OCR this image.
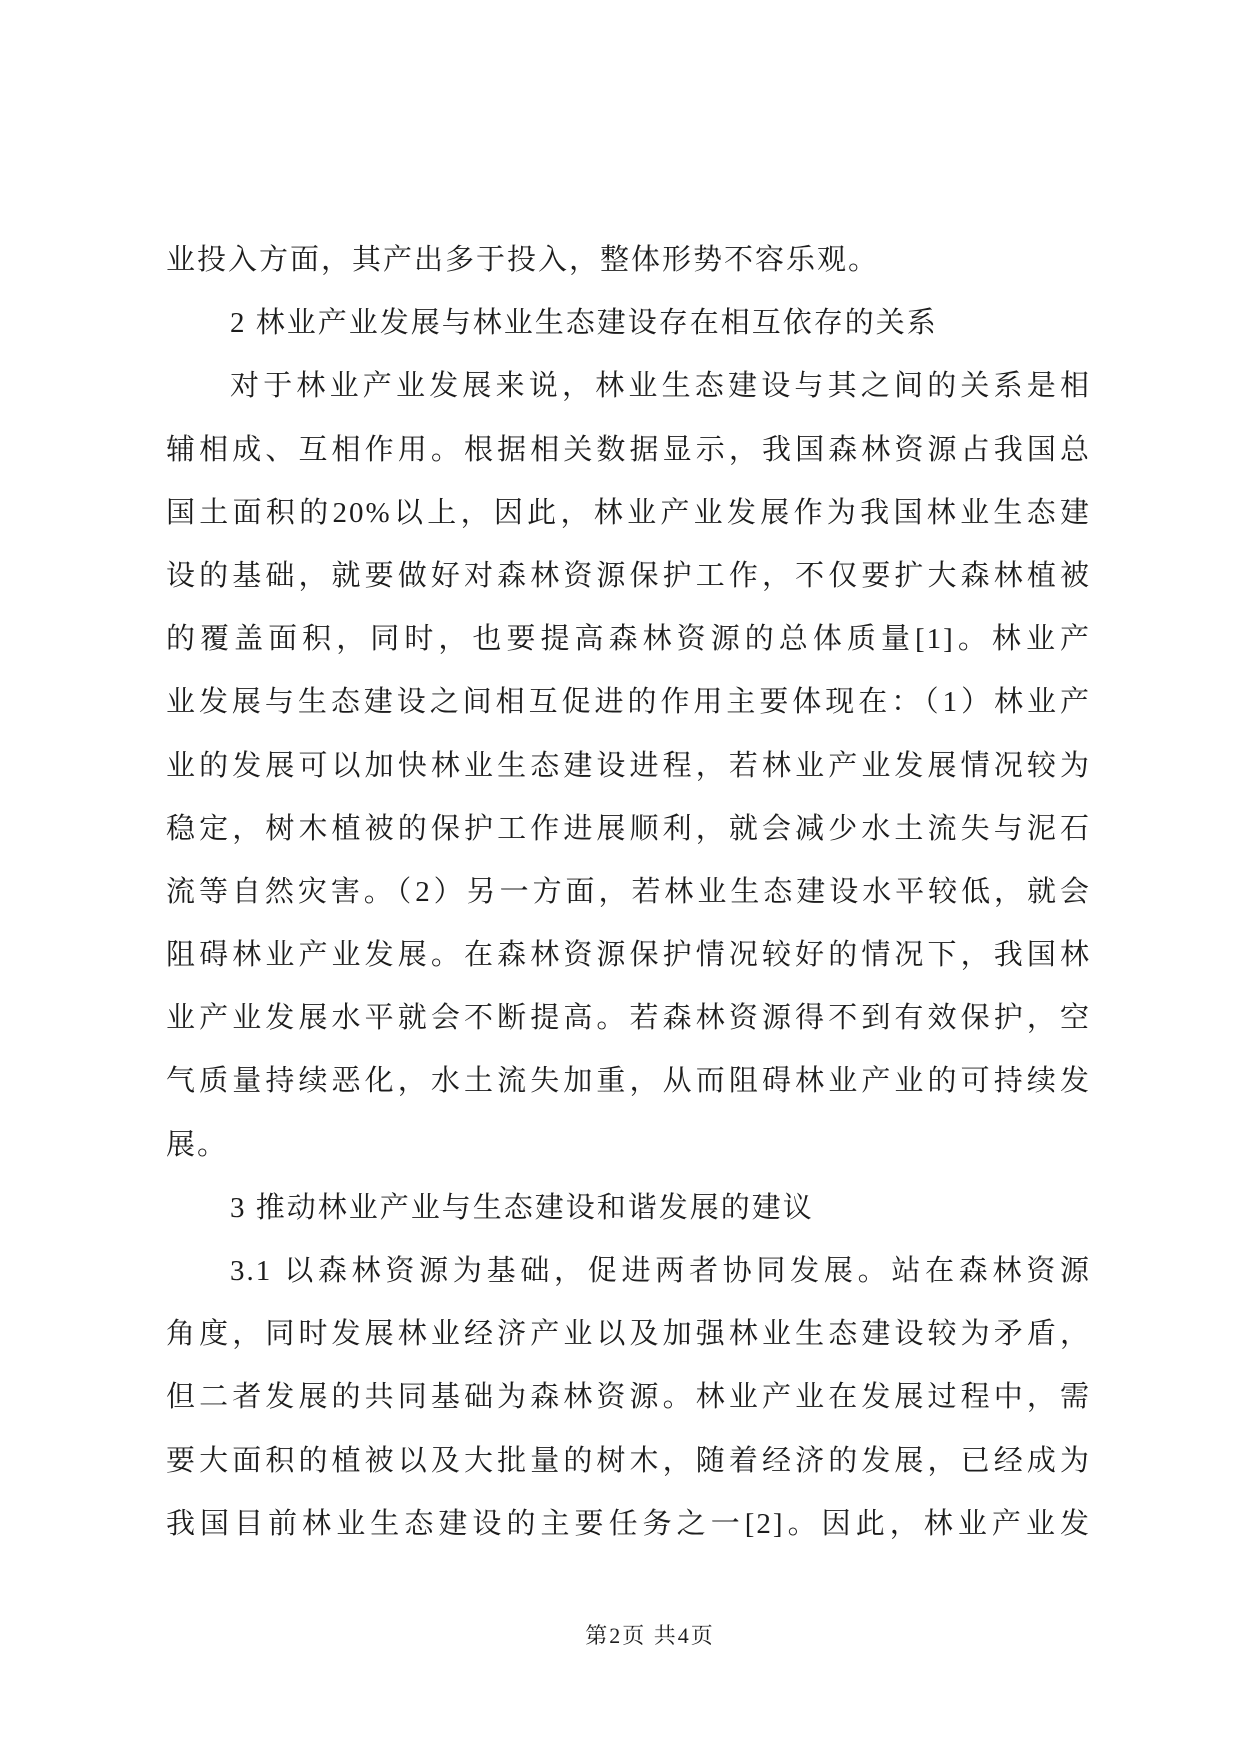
业投入方面，其产出多于投入，整体形势不容乐观。
2 林业产业发展与林业生态建设存在相互依存的关系
对于林业产业发展来说，林业生态建设与其之间的关系是相
辅相成、互相作用。根据相关数据显示，我国森林资源占我国总
国土面积的20%以上，因此，林业产业发展作为我国林业生态建
设的基础，就要做好对森林资源保护工作，不仅要扩大森林植被
的覆盖面积，同时，也要提高森林资源的总体质量[1]。林业产
业发展与生态建设之间相互促进的作用主要体现在：（1）林业产
业的发展可以加快林业生态建设进程，若林业产业发展情况较为
稳定，树木植被的保护工作进展顺利，就会减少水土流失与泥石
流等自然灾害。（2）另一方面，若林业生态建设水平较低，就会
阻碍林业产业发展。在森林资源保护情况较好的情况下，我国林
业产业发展水平就会不断提高。若森林资源得不到有效保护，空
气质量持续恶化，水土流失加重，从而阻碍林业产业的可持续发
展。
3 推动林业产业与生态建设和谐发展的建议
3.1 以森林资源为基础，促进两者协同发展。站在森林资源
角度，同时发展林业经济产业以及加强林业生态建设较为矛盾，
但二者发展的共同基础为森林资源。林业产业在发展过程中，需
要大面积的植被以及大批量的树木，随着经济的发展，已经成为
我国目前林业生态建设的主要任务之一[2]。因此，林业产业发
第2页 共4页
